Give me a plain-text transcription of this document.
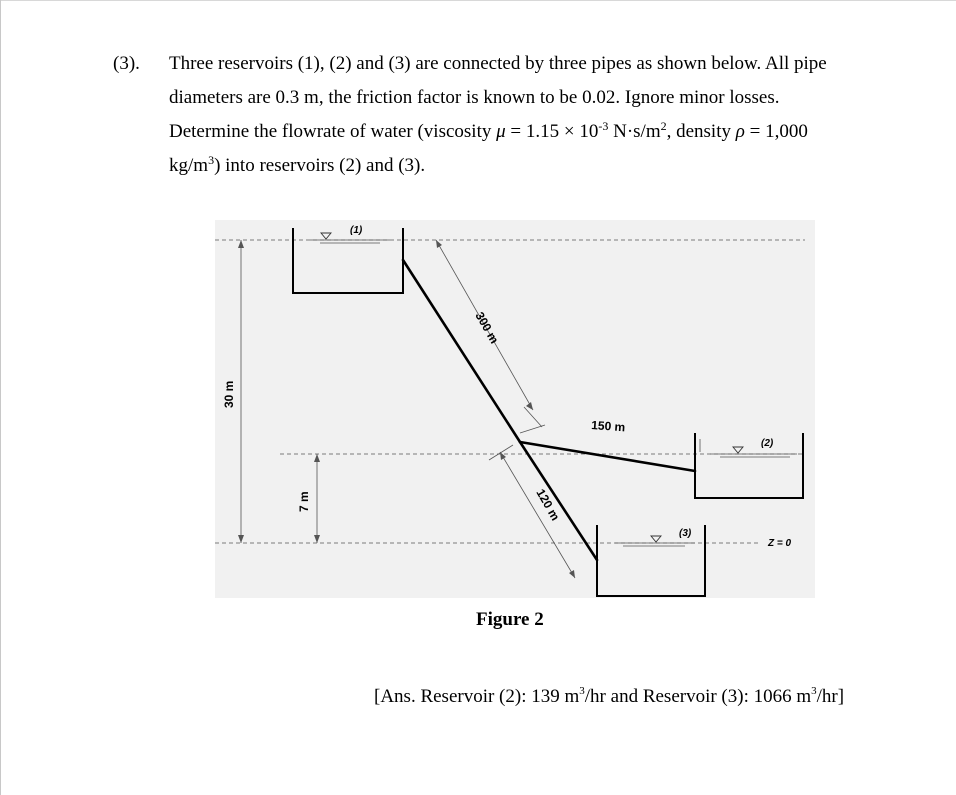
(3). Three reservoirs (1), (2) and (3) are connected by three pipes as shown below. All pipe
diameters are 0.3 m, the friction factor is known to be 0.02. Ignore minor losses.
Determine the flowrate of water (viscosity $\mu = 1.15 \times 10^{-3}$ $N\cdot s/m^2$, density ρ = 1,000
$kg/m^3$) into reservoirs (2) and (3).
(1)
(2)
(3)
300 m
150 m
120 m
30 m
7 m
Z = 0
Figure 2
[Ans. Reservoir (2): 139 $m^3/hr$ and Reservoir (3): 1066 $m^3/hr$]
